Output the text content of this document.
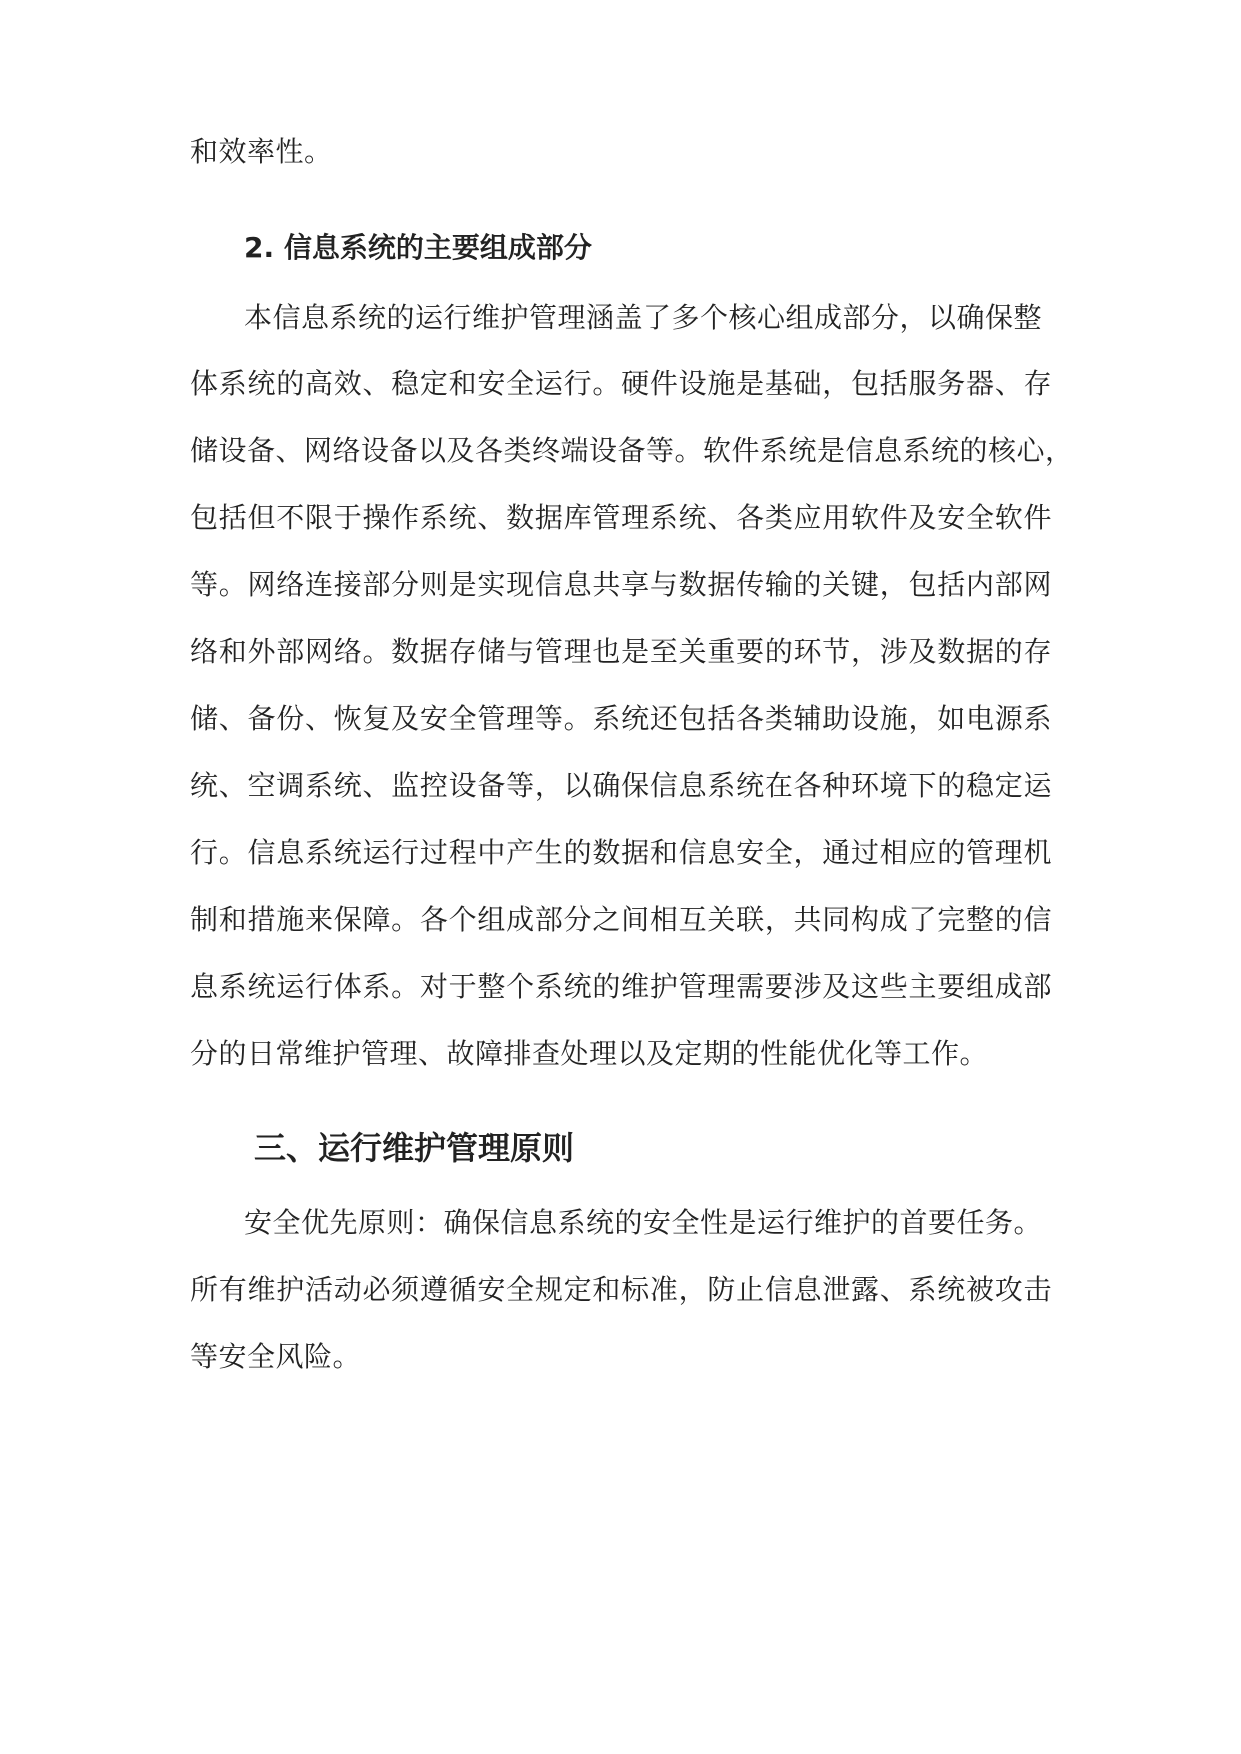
和效率性。
2. 信息系统的主要组成部分
本信息系统的运行维护管理涵盖了多个核心组成部分，以确保整
体系统的高效、稳定和安全运行。硬件设施是基础，包括服务器、存
储设备、网络设备以及各类终端设备等。软件系统是信息系统的核心，
包括但不限于操作系统、数据库管理系统、各类应用软件及安全软件
等。网络连接部分则是实现信息共享与数据传输的关键，包括内部网
络和外部网络。数据存储与管理也是至关重要的环节，涉及数据的存
储、备份、恢复及安全管理等。系统还包括各类辅助设施，如电源系
统、空调系统、监控设备等，以确保信息系统在各种环境下的稳定运
行。信息系统运行过程中产生的数据和信息安全，通过相应的管理机
制和措施来保障。各个组成部分之间相互关联，共同构成了完整的信
息系统运行体系。对于整个系统的维护管理需要涉及这些主要组成部
分的日常维护管理、故障排查处理以及定期的性能优化等工作。
三、运行维护管理原则
安全优先原则：确保信息系统的安全性是运行维护的首要任务。
所有维护活动必须遵循安全规定和标准，防止信息泄露、系统被攻击
等安全风险。
